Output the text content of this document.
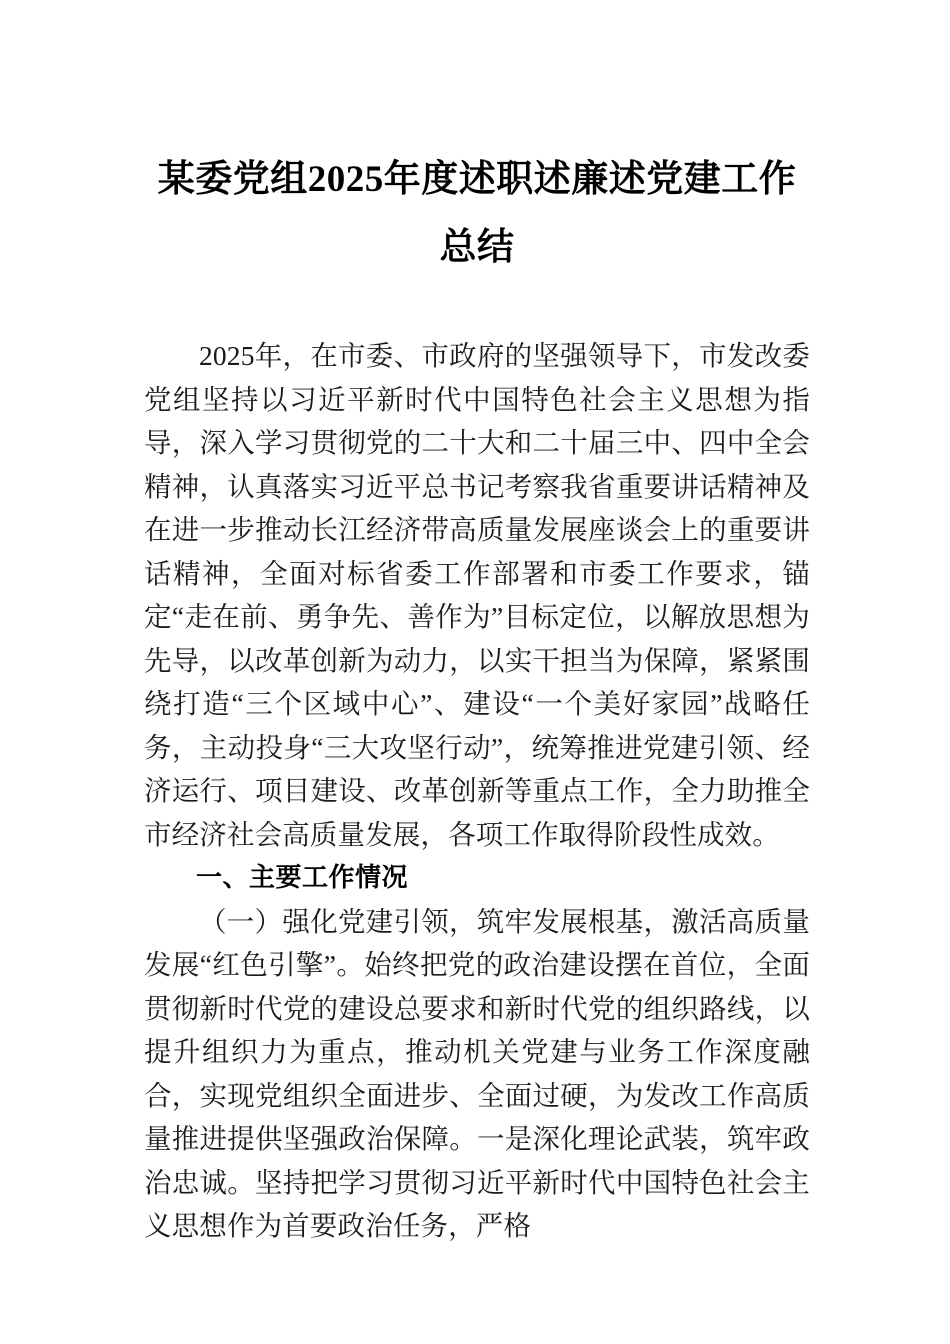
某委党组2025年度述职述廉述党建工作总结

2025年，在市委、市政府的坚强领导下，市发改委党组坚持以习近平新时代中国特色社会主义思想为指导，深入学习贯彻党的二十大和二十届三中、四中全会精神，认真落实习近平总书记考察我省重要讲话精神及在进一步推动长江经济带高质量发展座谈会上的重要讲话精神，全面对标省委工作部署和市委工作要求，锚定“走在前、勇争先、善作为”目标定位，以解放思想为先导，以改革创新为动力，以实干担当为保障，紧紧围绕打造“三个区域中心”、建设“一个美好家园”战略任务，主动投身“三大攻坚行动”，统筹推进党建引领、经济运行、项目建设、改革创新等重点工作，全力助推全市经济社会高质量发展，各项工作取得阶段性成效。

一、主要工作情况

（一）强化党建引领，筑牢发展根基，激活高质量发展“红色引擎”。始终把党的政治建设摆在首位，全面贯彻新时代党的建设总要求和新时代党的组织路线，以提升组织力为重点，推动机关党建与业务工作深度融合，实现党组织全面进步、全面过硬，为发改工作高质量推进提供坚强政治保障。一是深化理论武装，筑牢政治忠诚。坚持把学习贯彻习近平新时代中国特色社会主义思想作为首要政治任务，严格
